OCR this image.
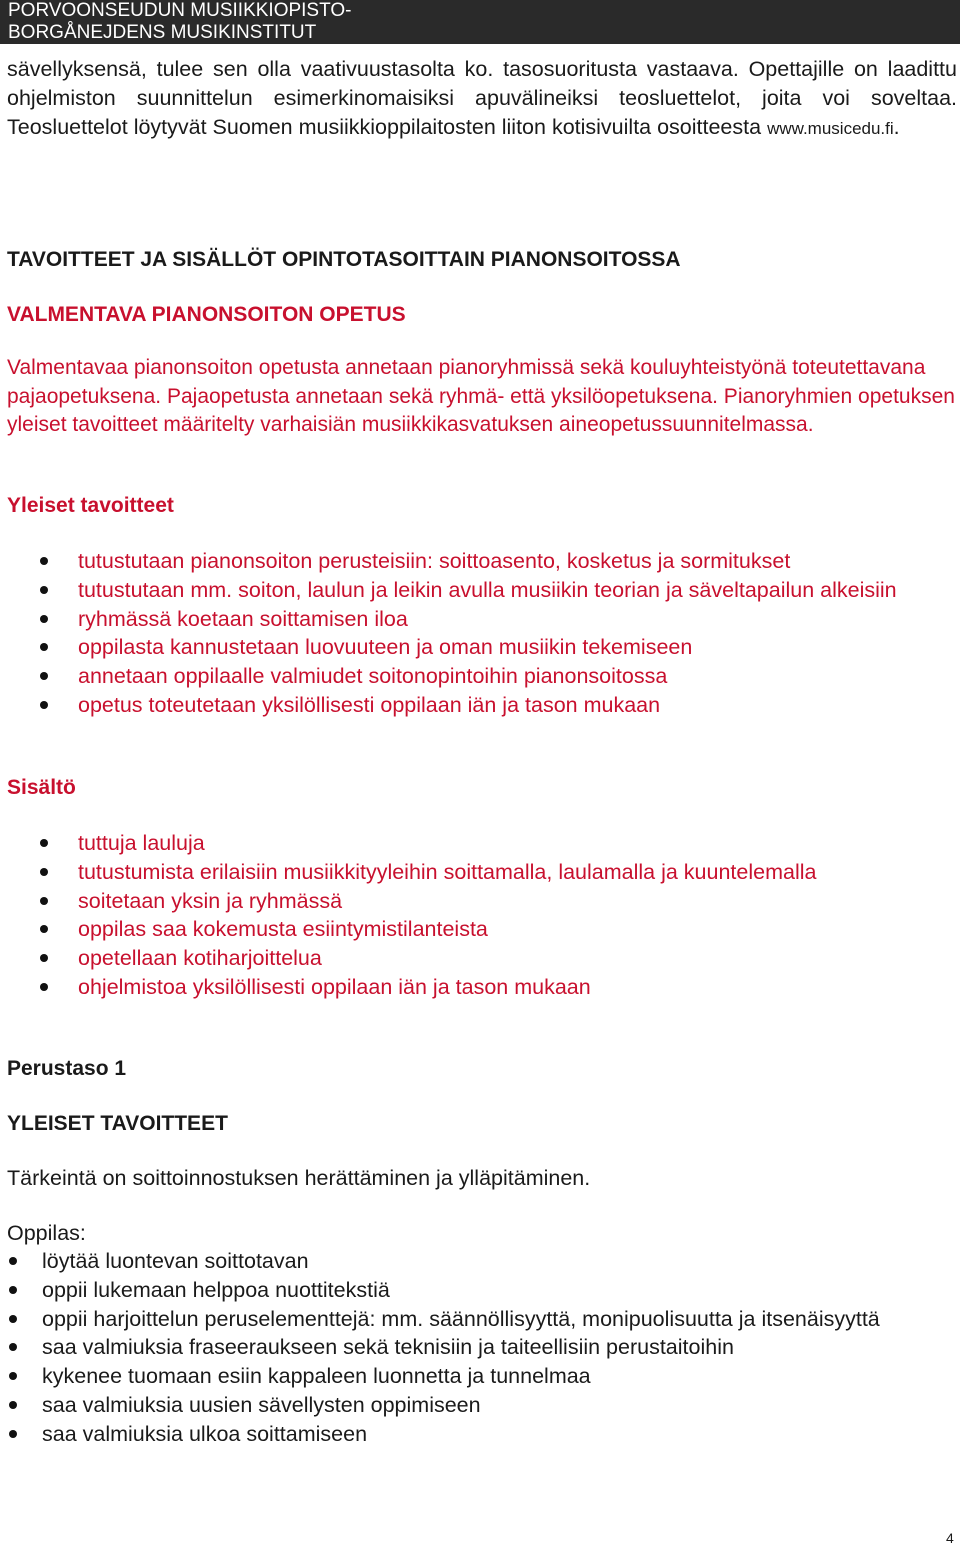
PORVOONSEUDUN MUSIIKKIOPISTO-
BORGÅNEJDENS MUSIKINSTITUT
sävellyksensä, tulee sen olla vaativuustasolta ko. tasosuoritusta vastaava. Opettajille on laadittu ohjelmiston suunnittelun esimerkinomaisiksi apuvälineiksi teosluettelot, joita voi soveltaa. Teosluettelot löytyvät Suomen musiikkioppilaitosten liiton kotisivuilta osoitteesta www.musicedu.fi.
TAVOITTEET JA SISÄLLÖT OPINTOTASOITTAIN PIANONSOITOSSA
VALMENTAVA PIANONSOITON OPETUS
Valmentavaa pianonsoiton opetusta annetaan pianoryhmissä sekä kouluyhteistyönä toteutettavana pajaopetuksena. Pajaopetusta annetaan sekä ryhmä- että yksilöopetuksena. Pianoryhmien opetuksen yleiset tavoitteet määritelty varhaisiän musiikkikasvatuksen aineopetussuunnitelmassa.
Yleiset tavoitteet
tutustutaan pianonsoiton perusteisiin: soittoasento, kosketus ja sormitukset
tutustutaan mm. soiton, laulun ja leikin avulla musiikin teorian ja säveltapailun alkeisiin
ryhmässä koetaan soittamisen iloa
oppilasta kannustetaan luovuuteen ja oman musiikin tekemiseen
annetaan oppilaalle valmiudet soitonopintoihin pianonsoitossa
opetus toteutetaan yksilöllisesti oppilaan iän ja tason mukaan
Sisältö
tuttuja lauluja
tutustumista erilaisiin musiikkityyleihin soittamalla, laulamalla ja kuuntelemalla
soitetaan yksin ja ryhmässä
oppilas saa kokemusta esiintymistilanteista
opetellaan kotiharjoittelua
ohjelmistoa yksilöllisesti oppilaan iän ja tason mukaan
Perustaso 1
YLEISET TAVOITTEET
Tärkeintä on soittoinnostuksen herättäminen ja ylläpitäminen.
Oppilas:
löytää luontevan soittotavan
oppii lukemaan helppoa nuottitekstiä
oppii harjoittelun peruselementtejä: mm. säännöllisyyttä, monipuolisuutta ja itsenäisyyttä
saa valmiuksia fraseeraukseen sekä teknisiin ja taiteellisiin perustaitoihin
kykenee tuomaan esiin kappaleen luonnetta ja tunnelmaa
saa valmiuksia uusien sävellysten oppimiseen
saa valmiuksia ulkoa soittamiseen
4
